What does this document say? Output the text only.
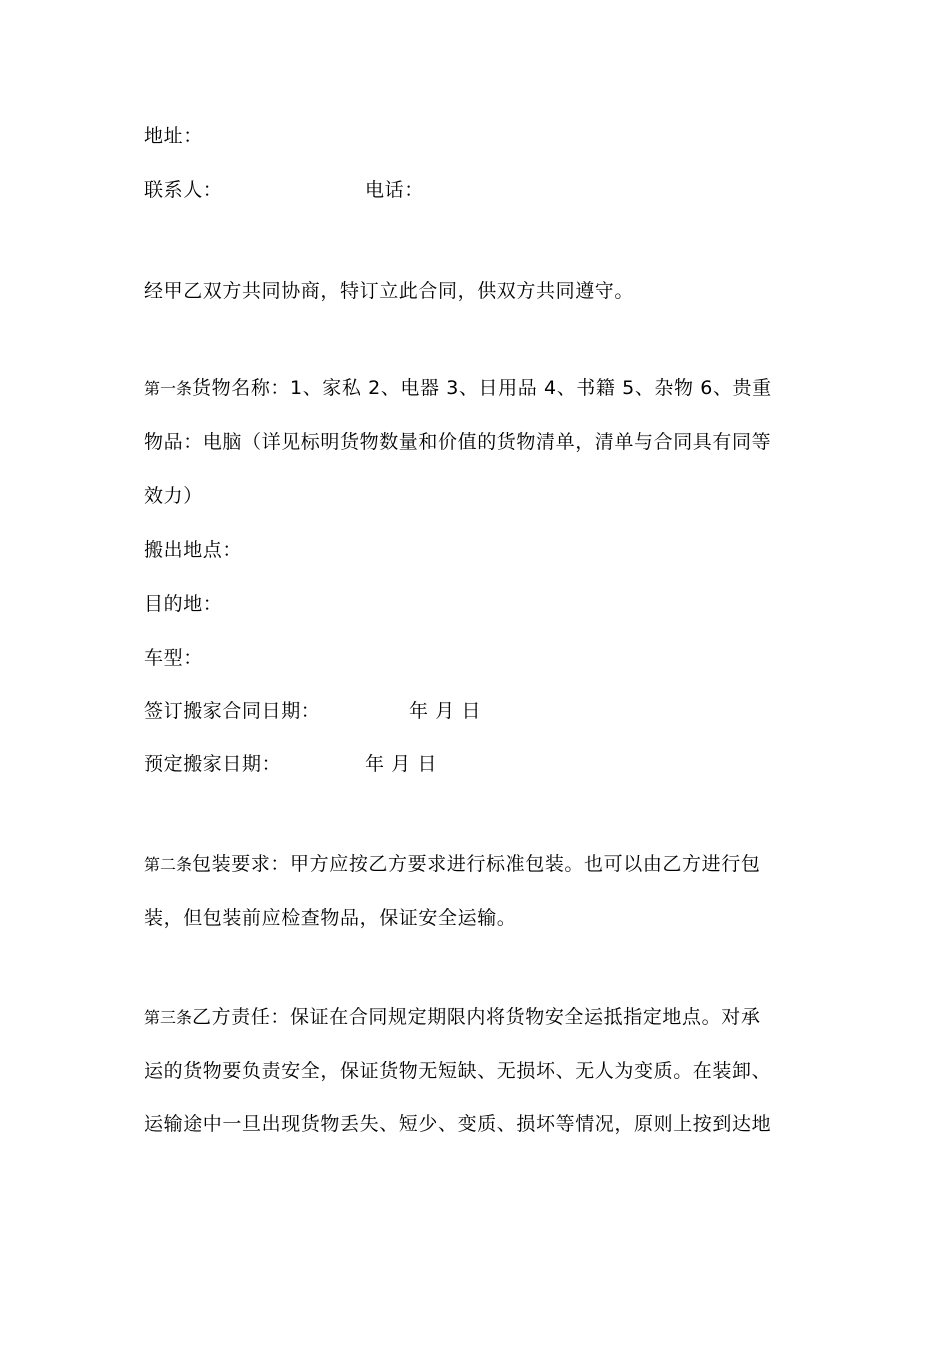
地址：
联系人：	电话：
经甲乙双方共同协商，特订立此合同，供双方共同遵守。
第一条货物名称：1、家私 2、电器 3、日用品 4、书籍 5、杂物 6、贵重
物品：电脑（详见标明货物数量和价值的货物清单，清单与合同具有同等
效力）
搬出地点：
目的地：
车型：
签订搬家合同日期：	年 月 日
预定搬家日期：	年 月 日
第二条包装要求：甲方应按乙方要求进行标准包装。也可以由乙方进行包
装，但包装前应检查物品，保证安全运输。
第三条乙方责任：保证在合同规定期限内将货物安全运抵指定地点。对承
运的货物要负责安全，保证货物无短缺、无损坏、无人为变质。在装卸、
运输途中一旦出现货物丢失、短少、变质、损坏等情况，原则上按到达地
